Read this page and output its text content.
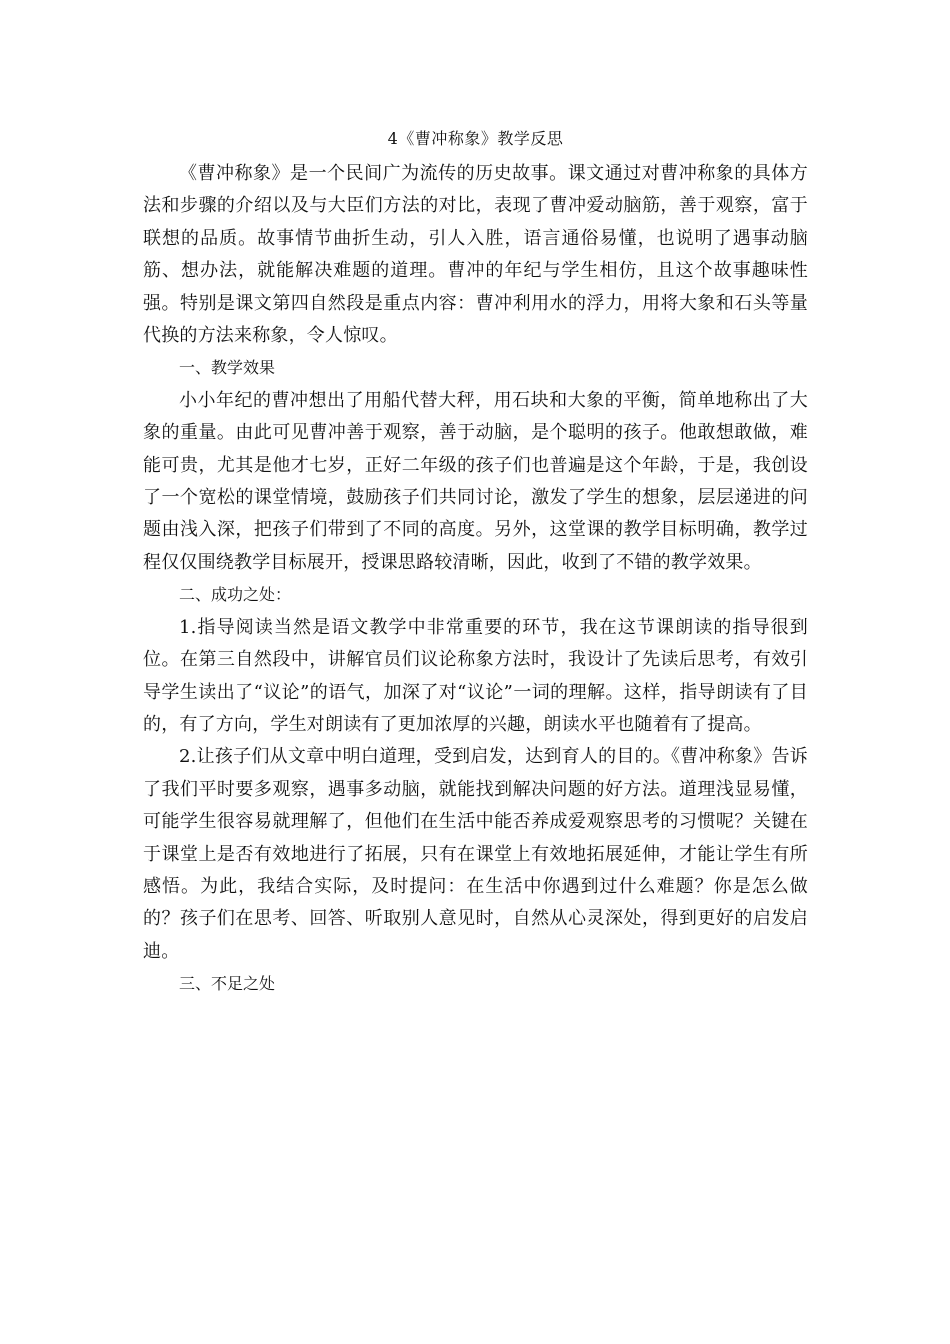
4《曹冲称象》教学反思

《曹冲称象》是一个民间广为流传的历史故事。课文通过对曹冲称象的具体方法和步骤的介绍以及与大臣们方法的对比，表现了曹冲爱动脑筋，善于观察，富于联想的品质。故事情节曲折生动，引人入胜，语言通俗易懂，也说明了遇事动脑筋、想办法，就能解决难题的道理。曹冲的年纪与学生相仿，且这个故事趣味性强。特别是课文第四自然段是重点内容：曹冲利用水的浮力，用将大象和石头等量代换的方法来称象，令人惊叹。

一、教学效果

小小年纪的曹冲想出了用船代替大秤，用石块和大象的平衡，简单地称出了大象的重量。由此可见曹冲善于观察，善于动脑，是个聪明的孩子。他敢想敢做，难能可贵，尤其是他才七岁，正好二年级的孩子们也普遍是这个年龄，于是，我创设了一个宽松的课堂情境，鼓励孩子们共同讨论，激发了学生的想象，层层递进的问题由浅入深，把孩子们带到了不同的高度。另外，这堂课的教学目标明确，教学过程仅仅围绕教学目标展开，授课思路较清晰，因此，收到了不错的教学效果。

二、成功之处：

1.指导阅读当然是语文教学中非常重要的环节，我在这节课朗读的指导很到位。在第三自然段中，讲解官员们议论称象方法时，我设计了先读后思考，有效引导学生读出了“议论”的语气，加深了对“议论”一词的理解。这样，指导朗读有了目的，有了方向，学生对朗读有了更加浓厚的兴趣，朗读水平也随着有了提高。

2.让孩子们从文章中明白道理，受到启发，达到育人的目的。《曹冲称象》告诉了我们平时要多观察，遇事多动脑，就能找到解决问题的好方法。道理浅显易懂，可能学生很容易就理解了，但他们在生活中能否养成爱观察思考的习惯呢？关键在于课堂上是否有效地进行了拓展，只有在课堂上有效地拓展延伸，才能让学生有所感悟。为此，我结合实际，及时提问：在生活中你遇到过什么难题？你是怎么做的？孩子们在思考、回答、听取别人意见时，自然从心灵深处，得到更好的启发启迪。

三、不足之处
